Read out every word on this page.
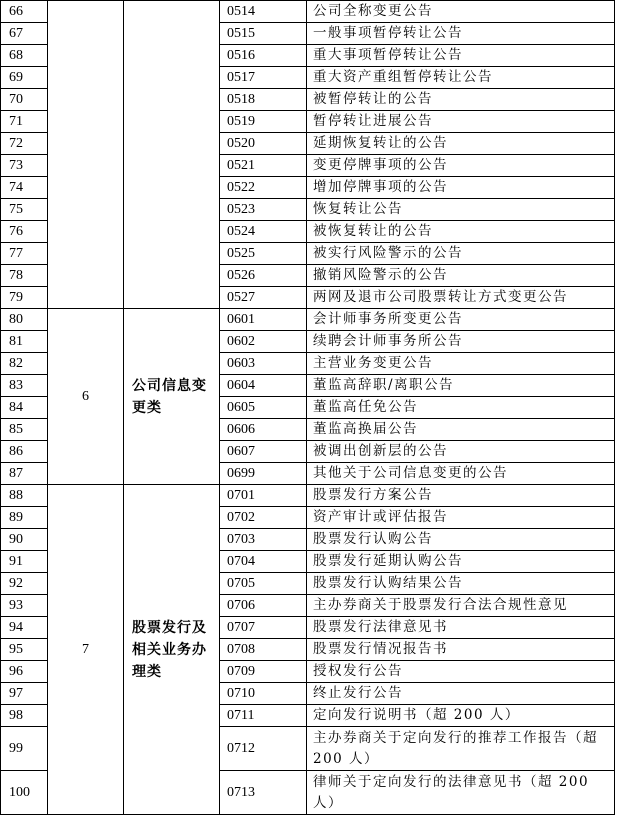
66			0514	公司全称变更公告
67			0515	一般事项暂停转让公告
68			0516	重大事项暂停转让公告
69			0517	重大资产重组暂停转让公告
70			0518	被暂停转让的公告
71			0519	暂停转让进展公告
72			0520	延期恢复转让的公告
73			0521	变更停牌事项的公告
74			0522	增加停牌事项的公告
75			0523	恢复转让公告
76			0524	被恢复转让的公告
77			0525	被实行风险警示的公告
78			0526	撤销风险警示的公告
79			0527	两网及退市公司股票转让方式变更公告
80	6	公司信息变更类	0601	会计师事务所变更公告
81			0602	续聘会计师事务所公告
82			0603	主营业务变更公告
83			0604	董监高辞职/离职公告
84			0605	董监高任免公告
85			0606	董监高换届公告
86			0607	被调出创新层的公告
87			0699	其他关于公司信息变更的公告
88	7	股票发行及相关业务办理类	0701	股票发行方案公告
89			0702	资产审计或评估报告
90			0703	股票发行认购公告
91			0704	股票发行延期认购公告
92			0705	股票发行认购结果公告
93			0706	主办券商关于股票发行合法合规性意见
94			0707	股票发行法律意见书
95			0708	股票发行情况报告书
96			0709	授权发行公告
97			0710	终止发行公告
98			0711	定向发行说明书（超 200 人）
99			0712	主办券商关于定向发行的推荐工作报告（超 200 人）
100			0713	律师关于定向发行的法律意见书（超 200 人）
